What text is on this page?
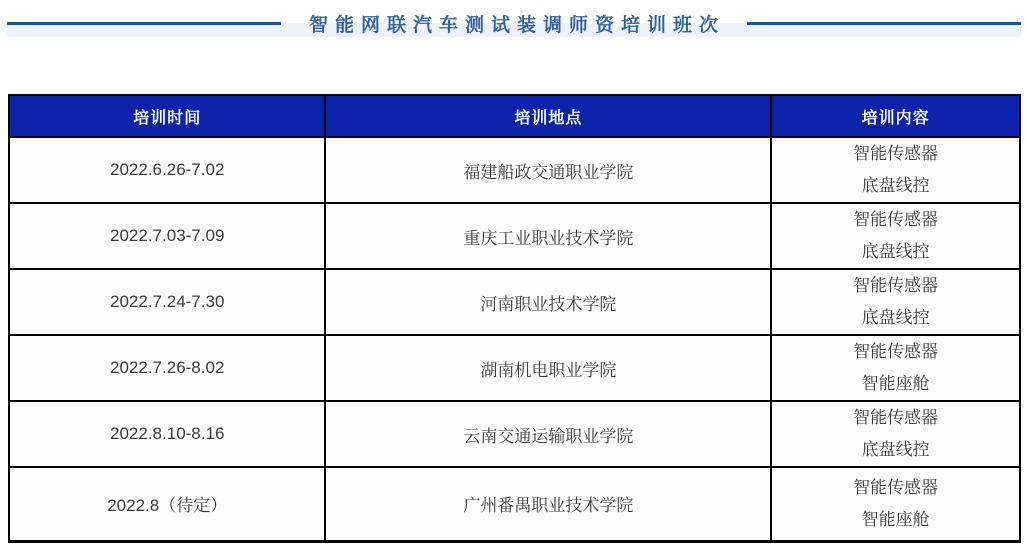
智能网联汽车测试装调师资培训班次
培训时间	培训地点	培训内容
2022.6.26-7.02	福建船政交通职业学院	智能传感器
底盘线控

2022.7.03-7.09	重庆工业职业技术学院	智能传感器
底盘线控

2022.7.24-7.30	河南职业技术学院	智能传感器
底盘线控

2022.7.26-8.02	湖南机电职业学院	智能传感器
智能座舱

2022.8.10-8.16	云南交通运输职业学院	智能传感器
底盘线控

2022.8（待定）	广州番禺职业技术学院	智能传感器
智能座舱
